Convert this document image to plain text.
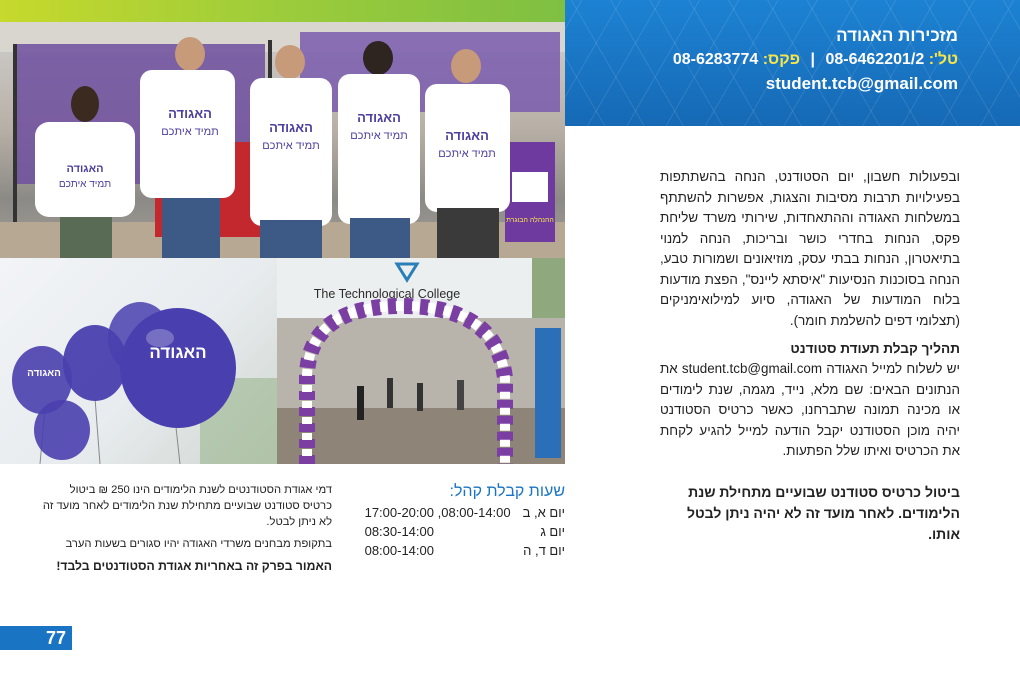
ההנהלה הבוגרת
האגודה
תמיד איתכם
האגודה
תמיד איתכם	האגודה
תמיד איתכם
האגודה
תמיד איתכם	האגודה
תמיד איתכם
האגודה
האגודה
The Technological College
מזכירות האגודה
טל': 08-6462201/2 | פקס: 08-6283774
student.tcb@gmail.com

ובפעולות חשבון, יום הסטודנט, הנחה בהשתתפות בפעילויות תרבות מסיבות והצגות, אפשרות להשתתף במשלחות האגודה וההתאחדות, שירותי משרד שליחת פקס, הנחות בחדרי כושר ובריכות, הנחה למנוי בתיאטרון, הנחות בבתי עסק, מוזיאונים ושמורות טבע, הנחה בסוכנות הנסיעות "איסתא ליינס", הפצת מודעות בלוח המודעות של האגודה, סיוע למילואימניקים (תצלומי דפים להשלמת חומר).

תהליך קבלת תעודת סטודנט

יש לשלוח למייל האגודה student.tcb@gmail.com את הנתונים הבאים: שם מלא, נייד, מגמה, שנת לימודים או מכינה תמונה שתברחנו, כאשר כרטיס הסטודנט יהיה מוכן הסטודנט יקבל הודעה למייל להגיע לקחת את הכרטיס ואיתו שלל הפתעות.

ביטול כרטיס סטודנט שבועיים מתחילת שנת הלימודים. לאחר מועד זה לא יהיה ניתן לבטל אותו.

שעות קבלת קהל:
יום א, ב	08:00-14:00, 17:00-20:00
יום ג	08:30-14:00
יום ד, ה	08:00-14:00

דמי אגודת הסטודנטים לשנת הלימודים הינו 250 ₪ ביטול כרטיס סטודנט שבועיים מתחילת שנת הלימודים לאחר מועד זה לא ניתן לבטל.

בתקופת מבחנים משרדי האגודה יהיו סגורים בשעות הערב

האמור בפרק זה באחריות אגודת הסטודנטים בלבד!

77
